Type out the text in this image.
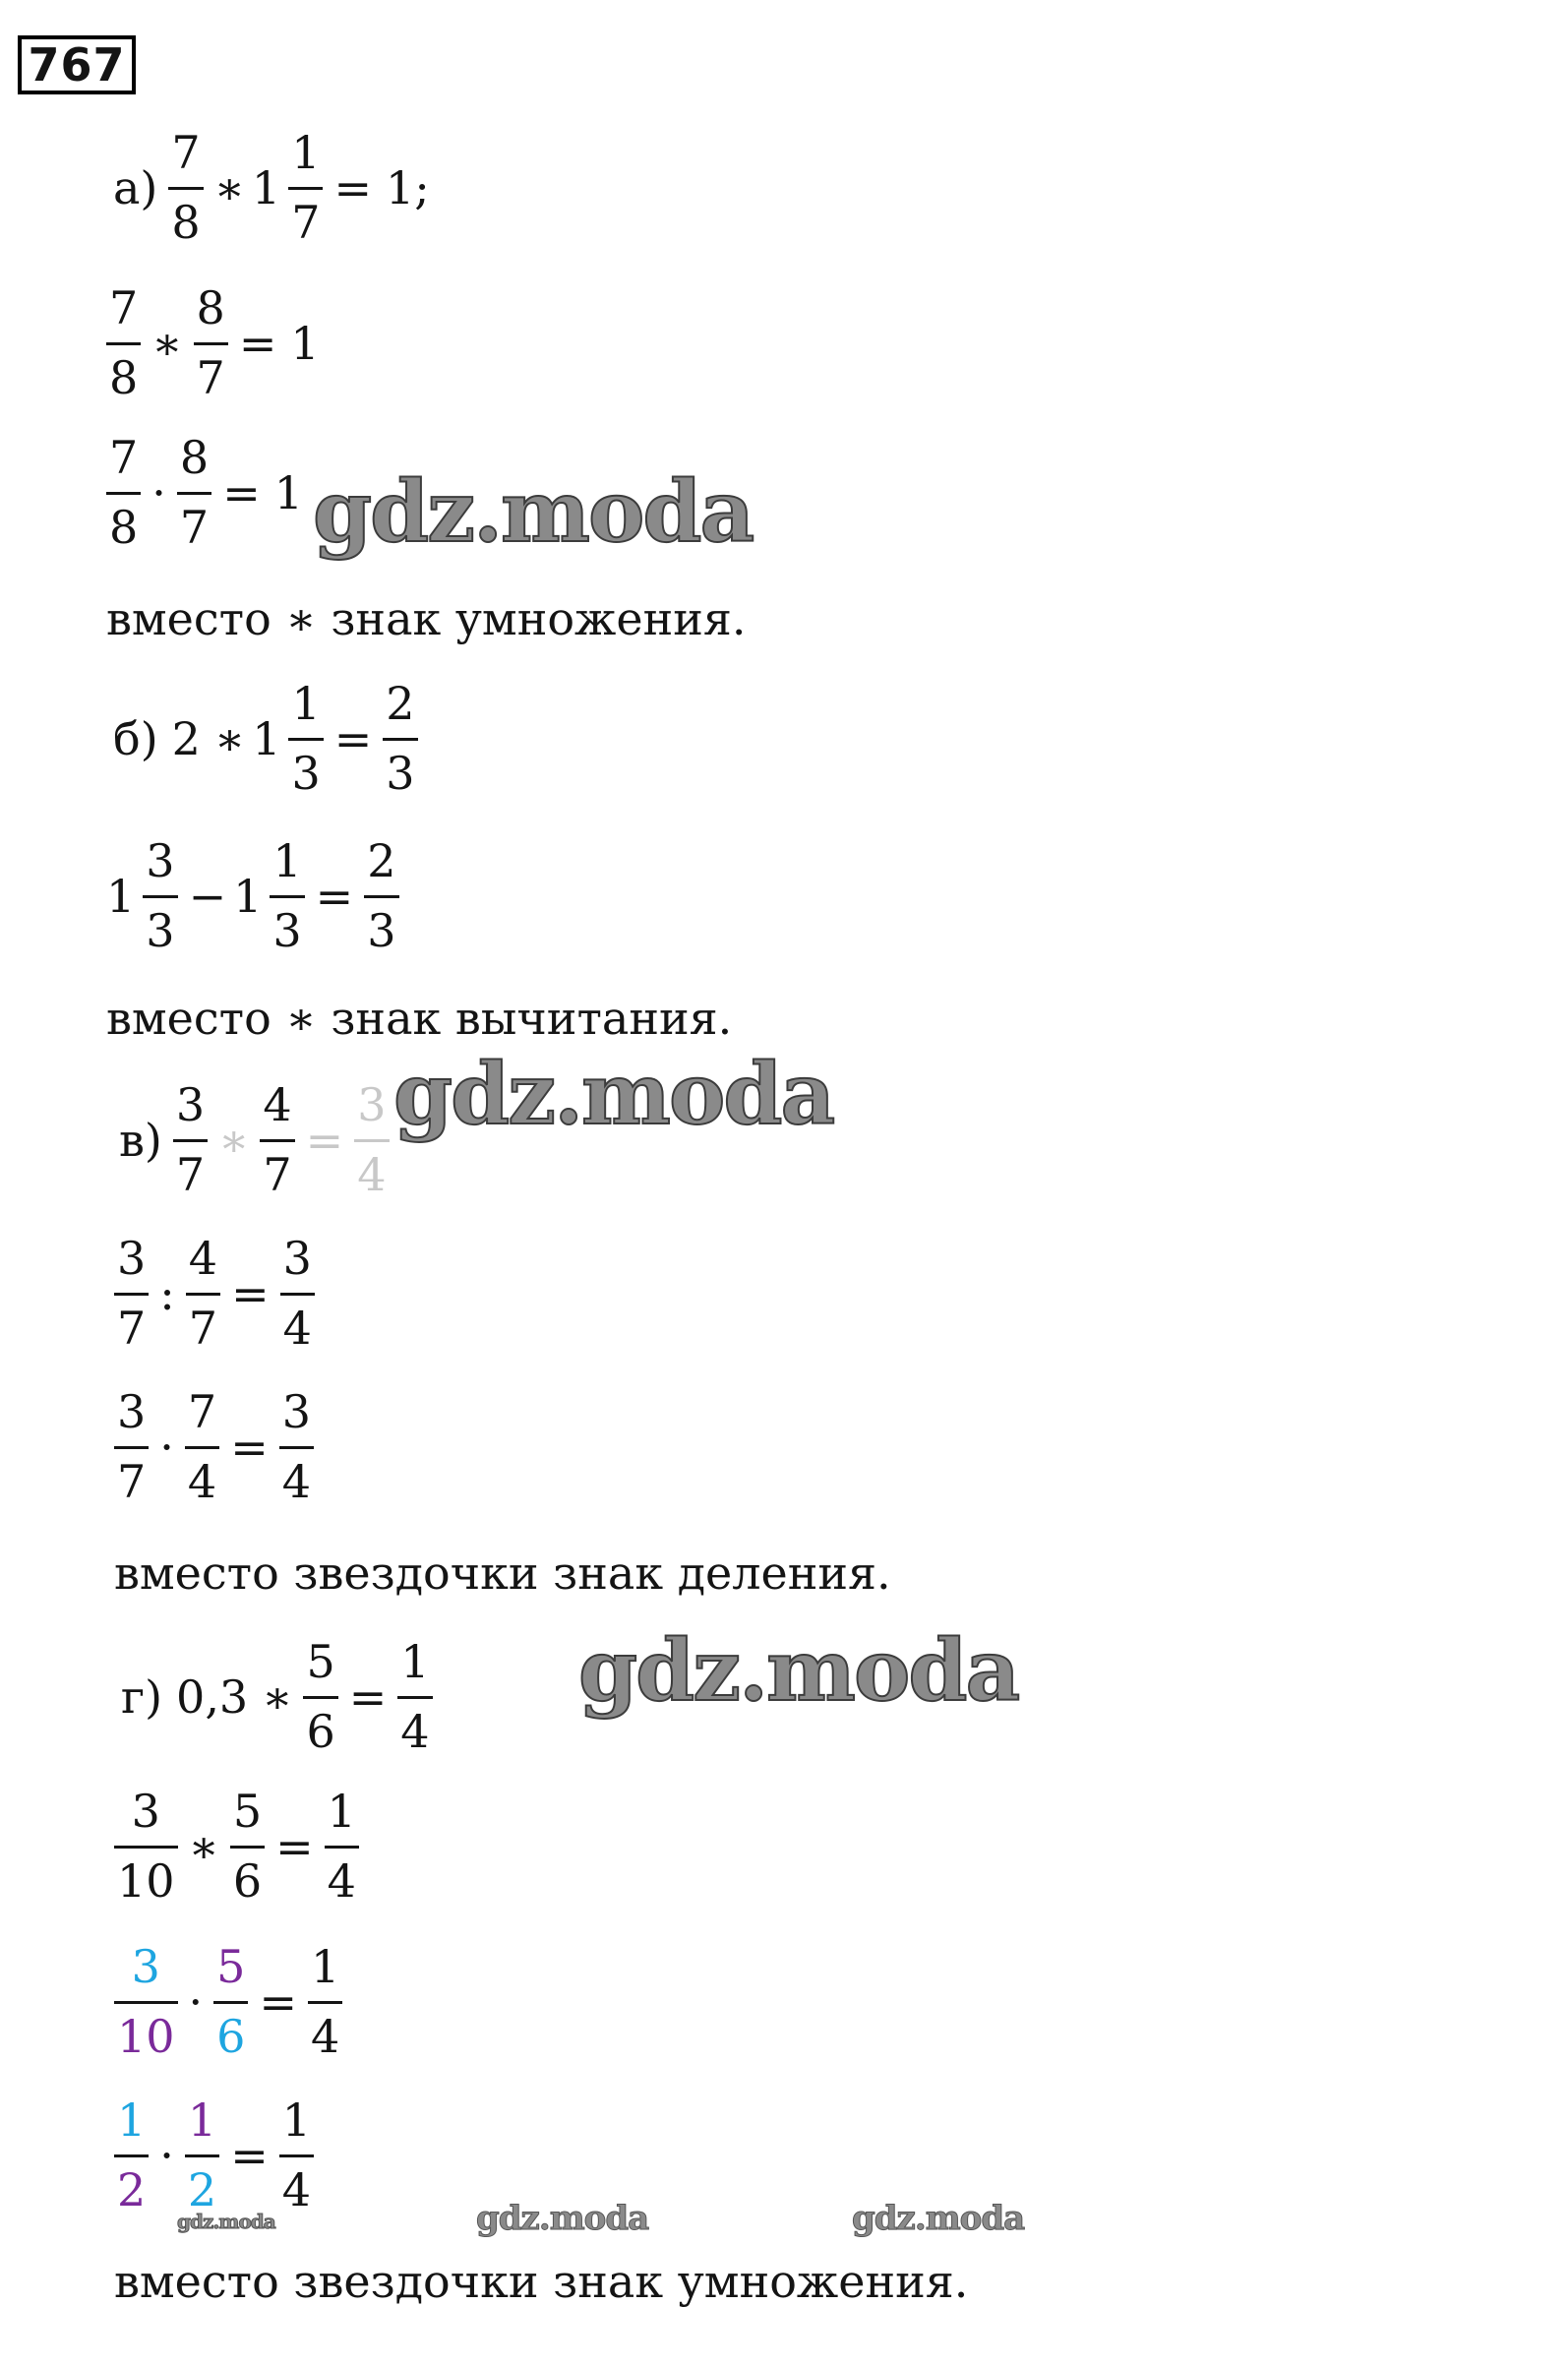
767
$а) \frac{7}{8}$ ∗ $1 \frac{1}{7} = 1$;
$\frac{7}{8}$ ∗ $\frac{8}{7} = 1$
$\frac{7}{8} \cdot \frac{8}{7} = 1$ gdz.moda
вместо ∗ знак умножения.
б) 2 ∗ $1 \frac{1}{3} = \frac{2}{3}$
$1 \frac{3}{3} - 1 \frac{1}{3} = \frac{2}{3}$
вместо ∗ знак вычитания.
gdz.moda
$в) \frac{3}{7}$ ∗ $\frac{4}{7} = \frac{3}{4}$
$\frac{3}{7}$ : $\frac{4}{7} = \frac{3}{4}$
$\frac{3}{7} \cdot \frac{7}{4} = \frac{3}{4}$
вместо звездочки знак деления.
г) 0,3 ∗ $\frac{5}{6} = \frac{1}{4}$ gdz.moda
$\frac{3}{10}$ ∗ $\frac{5}{6} = \frac{1}{4}$
$\frac{3}{10} \cdot \frac{5}{6} = \frac{1}{4}$
$\frac{1}{2} \cdot \frac{1}{2} = \frac{1}{4}$
gdz.moda	gdz.moda	gdz.moda
вместо звездочки знак умножения.
